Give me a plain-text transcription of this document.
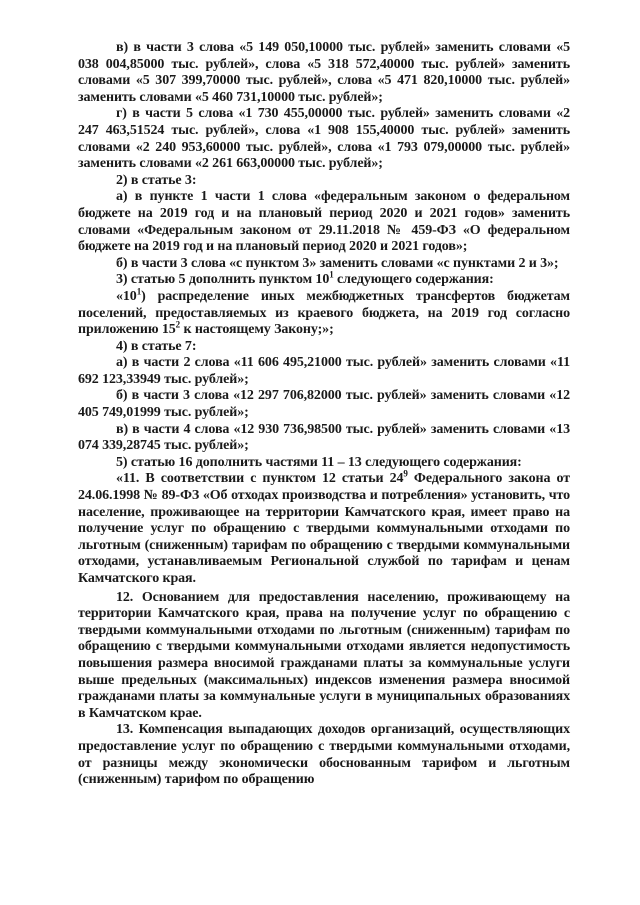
в) в части 3 слова «5 149 050,10000 тыс. рублей» заменить словами «5 038 004,85000 тыс. рублей», слова «5 318 572,40000 тыс. рублей» заменить словами «5 307 399,70000 тыс. рублей», слова «5 471 820,10000 тыс. рублей» заменить словами «5 460 731,10000 тыс. рублей»;

г) в части 5 слова «1 730 455,00000 тыс. рублей» заменить словами «2 247 463,51524 тыс. рублей», слова «1 908 155,40000 тыс. рублей» заменить словами «2 240 953,60000 тыс. рублей», слова «1 793 079,00000 тыс. рублей» заменить словами «2 261 663,00000 тыс. рублей»;

2) в статье 3:

а) в пункте 1 части 1 слова «федеральным законом о федеральном бюджете на 2019 год и на плановый период 2020 и 2021 годов» заменить словами «Федеральным законом от 29.11.2018 № 459-ФЗ «О федеральном бюджете на 2019 год и на плановый период 2020 и 2021 годов»;

б) в части 3 слова «с пунктом 3» заменить словами «с пунктами 2 и 3»;

3) статью 5 дополнить пунктом $10^1$ следующего содержания:

«$10^1$) распределение иных межбюджетных трансфертов бюджетам поселений, предоставляемых из краевого бюджета, на 2019 год согласно приложению $15^2$ к настоящему Закону;»;

4) в статье 7:

а) в части 2 слова «11 606 495,21000 тыс. рублей» заменить словами «11 692 123,33949 тыс. рублей»;

б) в части 3 слова «12 297 706,82000 тыс. рублей» заменить словами «12 405 749,01999 тыс. рублей»;

в) в части 4 слова «12 930 736,98500 тыс. рублей» заменить словами «13 074 339,28745 тыс. рублей»;

5) статью 16 дополнить частями 11 – 13 следующего содержания:

«11. В соответствии с пунктом 12 статьи $24^9$ Федерального закона от 24.06.1998 № 89-ФЗ «Об отходах производства и потребления» установить, что население, проживающее на территории Камчатского края, имеет право на получение услуг по обращению с твердыми коммунальными отходами по льготным (сниженным) тарифам по обращению с твердыми коммунальными отходами, устанавливаемым Региональной службой по тарифам и ценам Камчатского края.

12. Основанием для предоставления населению, проживающему на территории Камчатского края, права на получение услуг по обращению с твердыми коммунальными отходами по льготным (сниженным) тарифам по обращению с твердыми коммунальными отходами является недопустимость повышения размера вносимой гражданами платы за коммунальные услуги выше предельных (максимальных) индексов изменения размера вносимой гражданами платы за коммунальные услуги в муниципальных образованиях в Камчатском крае.

13. Компенсация выпадающих доходов организаций, осуществляющих предоставление услуг по обращению с твердыми коммунальными отходами, от разницы между экономически обоснованным тарифом и льготным (сниженным) тарифом по обращению
